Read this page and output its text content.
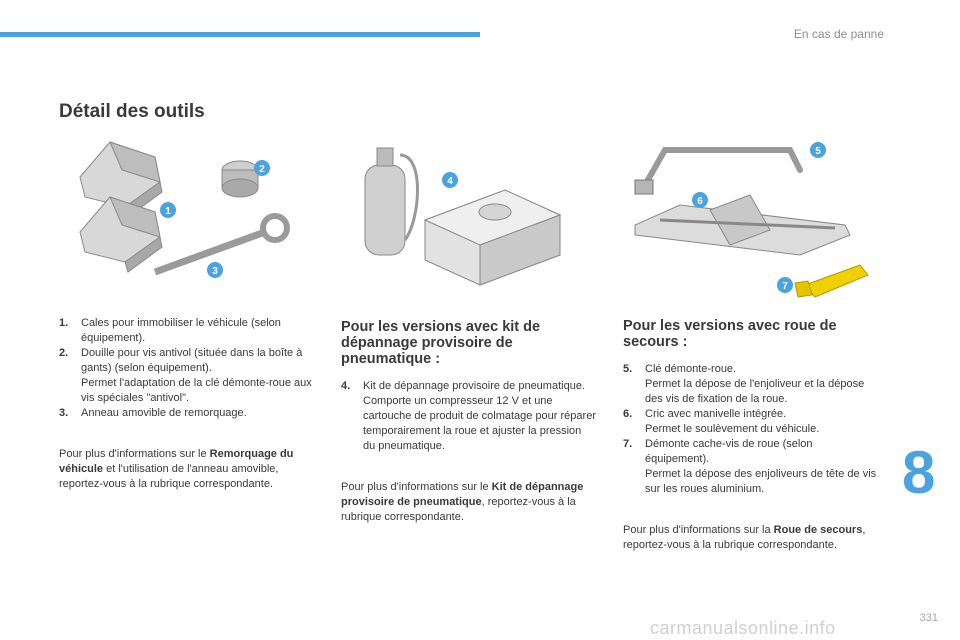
En cas de panne
Détail des outils
1
2
3
4
5
6
7
1.	Cales pour immobiliser le véhicule (selon équipement).
2.	Douille pour vis antivol (située dans la boîte à gants) (selon équipement).
Permet l'adaptation de la clé démonte-roue aux vis spéciales "antivol".
3.	Anneau amovible de remorquage.

Pour plus d'informations sur le Remorquage du véhicule et l'utilisation de l'anneau amovible, reportez-vous à la rubrique correspondante.

Pour les versions avec kit de dépannage provisoire de pneumatique :
4.	Kit de dépannage provisoire de pneumatique.
Comporte un compresseur 12 V et une cartouche de produit de colmatage pour réparer temporairement la roue et ajuster la pression du pneumatique.

Pour plus d'informations sur le Kit de dépannage provisoire de pneumatique, reportez-vous à la rubrique correspondante.

Pour les versions avec roue de secours :
5.	Clé démonte-roue.
Permet la dépose de l'enjoliveur et la dépose des vis de fixation de la roue.
6.	Cric avec manivelle intégrée.
Permet le soulèvement du véhicule.
7.	Démonte cache-vis de roue (selon équipement).
Permet la dépose des enjoliveurs de tête de vis sur les roues aluminium.

Pour plus d'informations sur la Roue de secours, reportez-vous à la rubrique correspondante.

8
carmanualsonline.info	331
